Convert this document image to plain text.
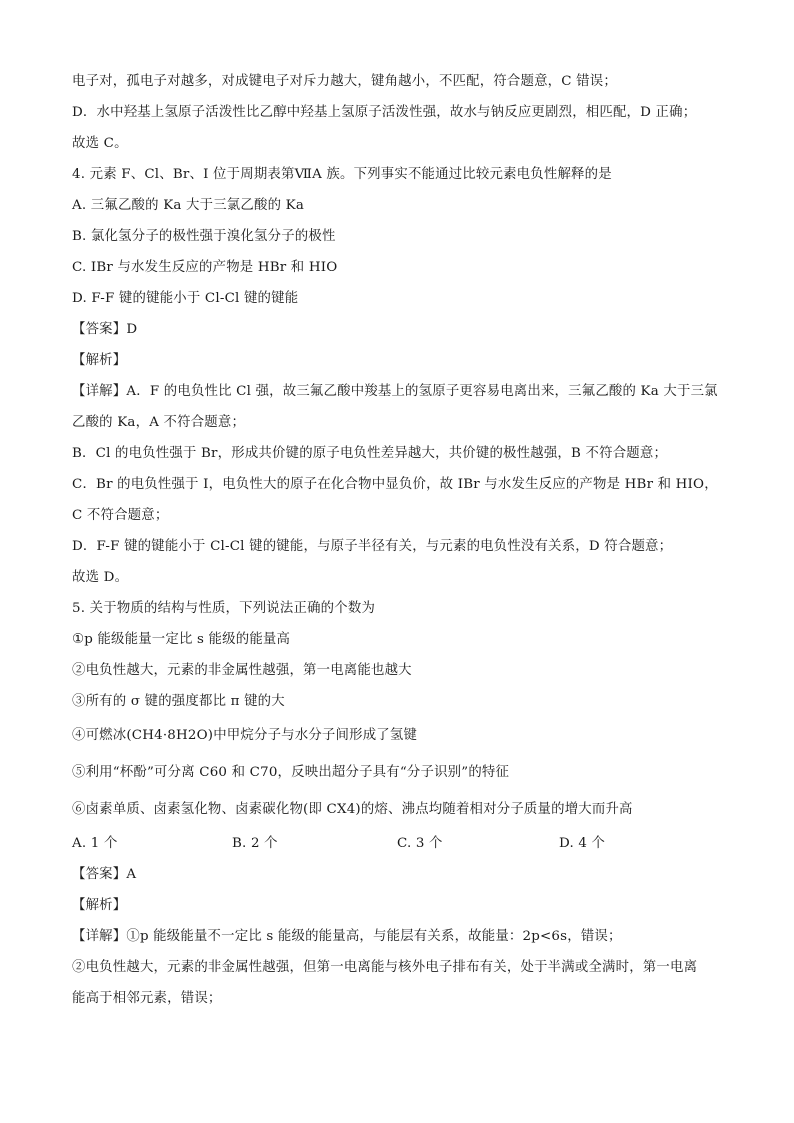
电子对，孤电子对越多，对成键电子对斥力越大，键角越小，不匹配，符合题意，C 错误；
D．水中羟基上氢原子活泼性比乙醇中羟基上氢原子活泼性强，故水与钠反应更剧烈，相匹配，D 正确；
故选 C。
4. 元素 F、Cl、Br、I 位于周期表第ⅦA 族。下列事实不能通过比较元素电负性解释的是
A. 三氟乙酸的 Ka 大于三氯乙酸的 Ka
B. 氯化氢分子的极性强于溴化氢分子的极性
C. IBr 与水发生反应的产物是 HBr 和 HIO
D. F-F 键的键能小于 Cl-Cl 键的键能
【答案】D
【解析】
【详解】A．F 的电负性比 Cl 强，故三氟乙酸中羧基上的氢原子更容易电离出来，三氟乙酸的 Ka 大于三氯
乙酸的 Ka，A 不符合题意；
B．Cl 的电负性强于 Br，形成共价键的原子电负性差异越大，共价键的极性越强，B 不符合题意；
C．Br 的电负性强于 I，电负性大的原子在化合物中显负价，故 IBr 与水发生反应的产物是 HBr 和 HIO，
C 不符合题意；
D．F-F 键的键能小于 Cl-Cl 键的键能，与原子半径有关，与元素的电负性没有关系，D 符合题意；
故选 D。
5. 关于物质的结构与性质，下列说法正确的个数为
①p 能级能量一定比 s 能级的能量高
②电负性越大，元素的非金属性越强，第一电离能也越大
③所有的 σ 键的强度都比 π 键的大
④可燃冰(CH4·8H2O)中甲烷分子与水分子间形成了氢键
⑤利用“杯酚”可分离 C60 和 C70，反映出超分子具有“分子识别”的特征
⑥卤素单质、卤素氢化物、卤素碳化物(即 CX4)的熔、沸点均随着相对分子质量的增大而升高
A. 1 个	B. 2 个	C. 3 个	D. 4 个
【答案】A
【解析】
【详解】①p 能级能量不一定比 s 能级的能量高，与能层有关系，故能量：2p<6s，错误；
②电负性越大，元素的非金属性越强，但第一电离能与核外电子排布有关，处于半满或全满时，第一电离
能高于相邻元素，错误；
